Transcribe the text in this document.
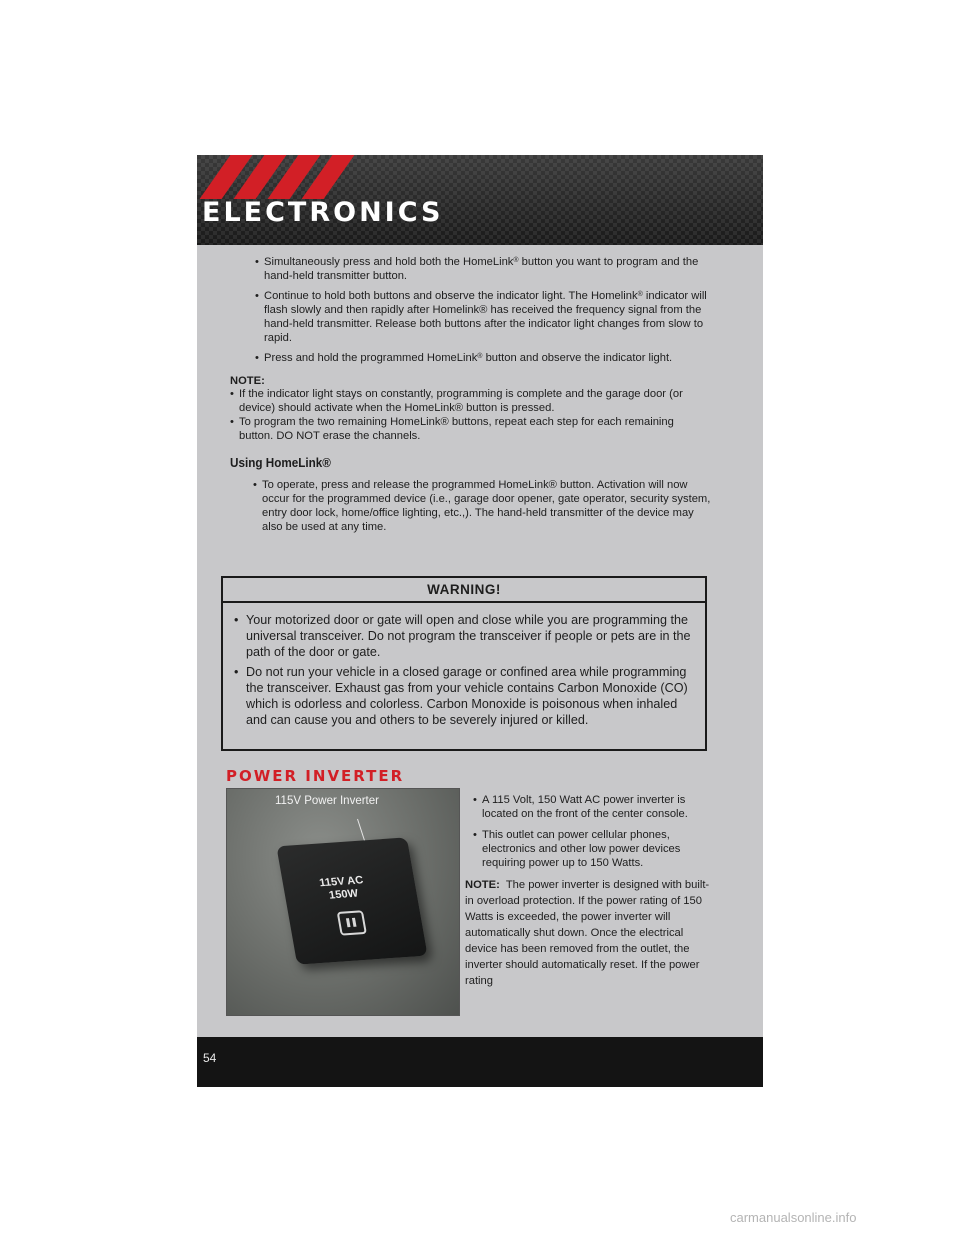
ELECTRONICS
• Simultaneously press and hold both the HomeLink® button you want to program and the hand-held transmitter button.
• Continue to hold both buttons and observe the indicator light. The Homelink® indicator will flash slowly and then rapidly after Homelink® has received the frequency signal from the hand-held transmitter. Release both buttons after the indicator light changes from slow to rapid.
• Press and hold the programmed HomeLink® button and observe the indicator light.

NOTE:

• If the indicator light stays on constantly, programming is complete and the garage door (or device) should activate when the HomeLink® button is pressed.
• To program the two remaining HomeLink® buttons, repeat each step for each remaining button. DO NOT erase the channels.
Using HomeLink®
• To operate, press and release the programmed HomeLink® button. Activation will now occur for the programmed device (i.e., garage door opener, gate operator, security system, entry door lock, home/office lighting, etc.,). The hand-held transmitter of the device may also be used at any time.
WARNING!
• Your motorized door or gate will open and close while you are programming the universal transceiver. Do not program the transceiver if people or pets are in the path of the door or gate.
• Do not run your vehicle in a closed garage or confined area while programming the transceiver. Exhaust gas from your vehicle contains Carbon Monoxide (CO) which is odorless and colorless. Carbon Monoxide is poisonous when inhaled and can cause you and others to be severely injured or killed.
POWER INVERTER
115V Power Inverter
115V AC
150W
• A 115 Volt, 150 Watt AC power inverter is located on the front of the center console.
• This outlet can power cellular phones, electronics and other low power devices requiring power up to 150 Watts.

NOTE: The power inverter is designed with built-in overload protection. If the power rating of 150 Watts is exceeded, the power inverter will automatically shut down. Once the electrical device has been removed from the outlet, the inverter should automatically reset. If the power rating

54
carmanualsonline.info
